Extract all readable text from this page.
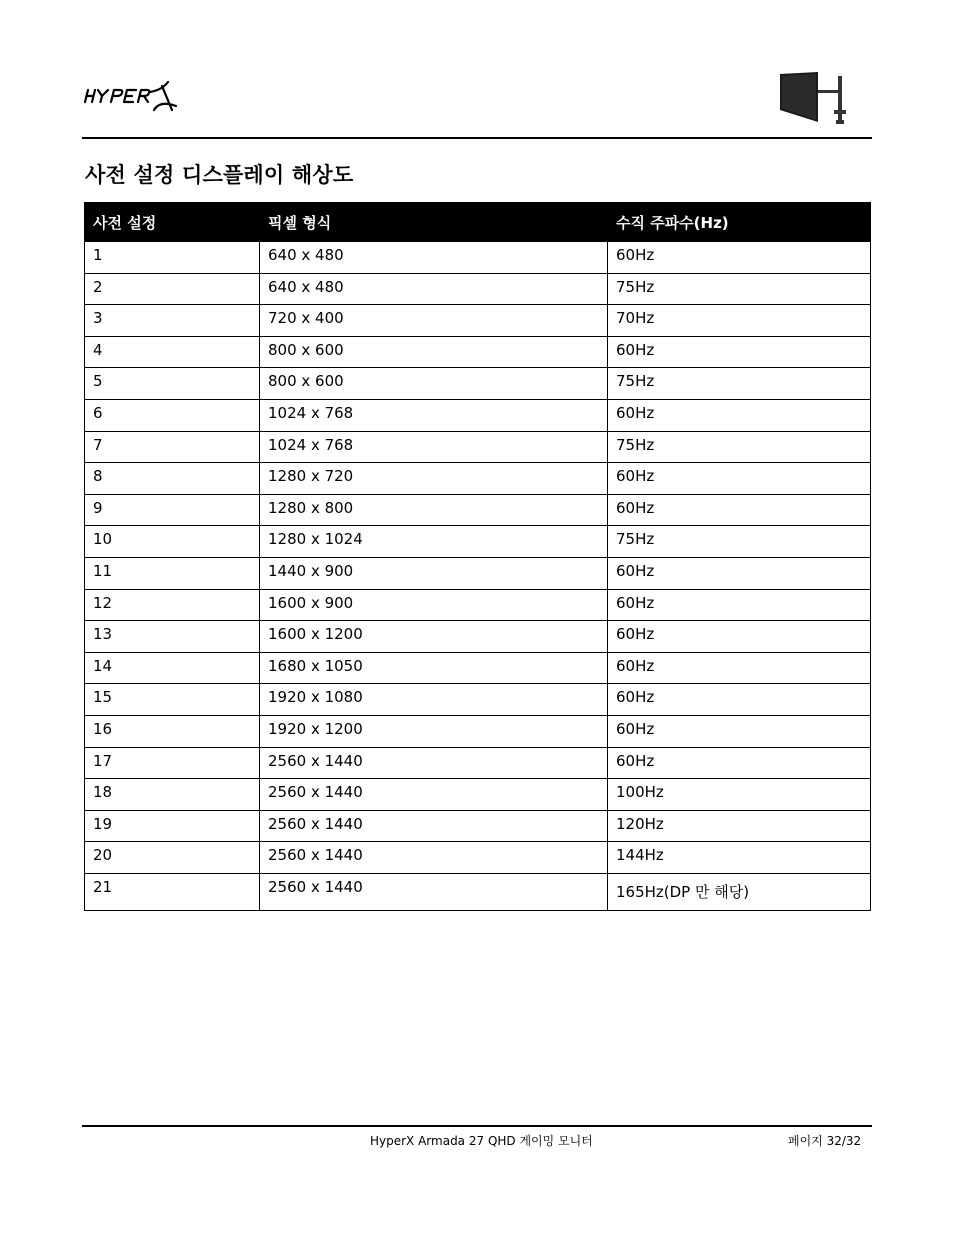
사전 설정 디스플레이 해상도
사전 설정	픽셀 형식	수직 주파수(Hz)
1	640 x 480	60Hz
2	640 x 480	75Hz
3	720 x 400	70Hz
4	800 x 600	60Hz
5	800 x 600	75Hz
6	1024 x 768	60Hz
7	1024 x 768	75Hz
8	1280 x 720	60Hz
9	1280 x 800	60Hz
10	1280 x 1024	75Hz
11	1440 x 900	60Hz
12	1600 x 900	60Hz
13	1600 x 1200	60Hz
14	1680 x 1050	60Hz
15	1920 x 1080	60Hz
16	1920 x 1200	60Hz
17	2560 x 1440	60Hz
18	2560 x 1440	100Hz
19	2560 x 1440	120Hz
20	2560 x 1440	144Hz
21	2560 x 1440	165Hz(DP 만 해당)
HyperX Armada 27 QHD 게이밍 모니터	페이지 32/32
